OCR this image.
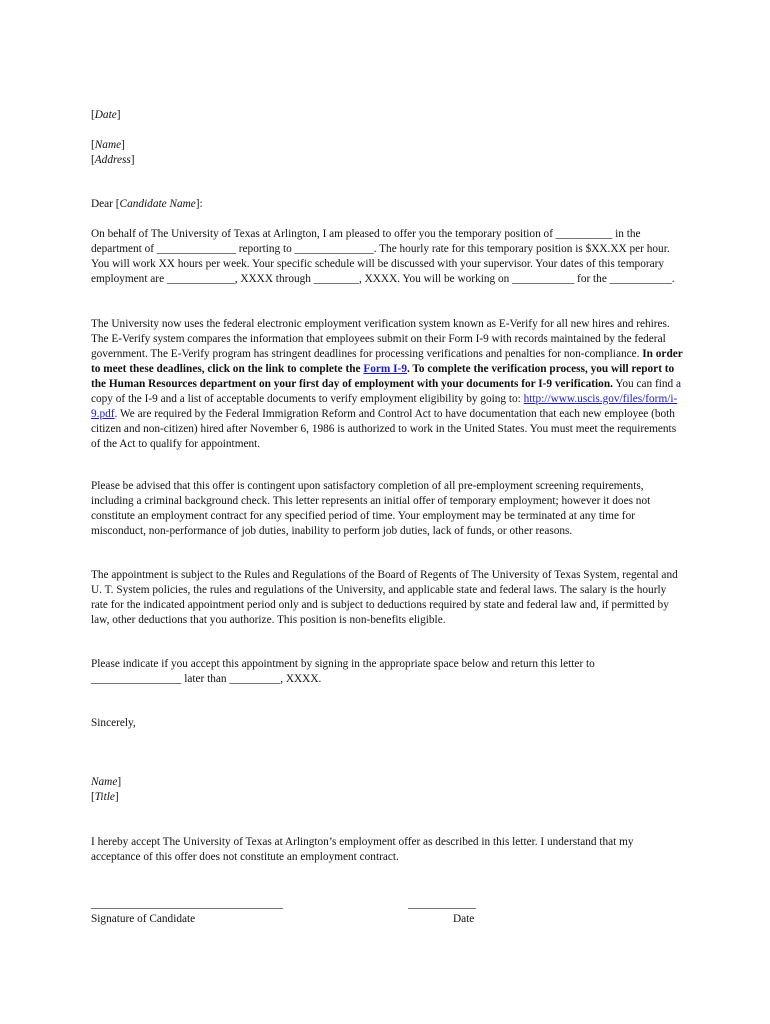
[Date]
[Name]
[Address]
Dear [Candidate Name]:

On behalf of The University of Texas at Arlington, I am pleased to offer you the temporary position of __________ in the department of ______________ reporting to ______________. The hourly rate for this temporary position is $XX.XX per hour. You will work XX hours per week. Your specific schedule will be discussed with your supervisor. Your dates of this temporary employment are ____________, XXXX through ________, XXXX. You will be working on ___________ for the ___________.

The University now uses the federal electronic employment verification system known as E-Verify for all new hires and rehires. The E-Verify system compares the information that employees submit on their Form I-9 with records maintained by the federal government. The E-Verify program has stringent deadlines for processing verifications and penalties for non-compliance. In order to meet these deadlines, click on the link to complete the Form I-9. To complete the verification process, you will report to the Human Resources department on your first day of employment with your documents for I-9 verification. You can find a copy of the I-9 and a list of acceptable documents to verify employment eligibility by going to: http://www.uscis.gov/files/form/i-9.pdf. We are required by the Federal Immigration Reform and Control Act to have documentation that each new employee (both citizen and non-citizen) hired after November 6, 1986 is authorized to work in the United States. You must meet the requirements of the Act to qualify for appointment.

Please be advised that this offer is contingent upon satisfactory completion of all pre-employment screening requirements, including a criminal background check. This letter represents an initial offer of temporary employment; however it does not constitute an employment contract for any specified period of time. Your employment may be terminated at any time for misconduct, non-performance of job duties, inability to perform job duties, lack of funds, or other reasons.

The appointment is subject to the Rules and Regulations of the Board of Regents of The University of Texas System, regental and U. T. System policies, the rules and regulations of the University, and applicable state and federal laws. The salary is the hourly rate for the indicated appointment period only and is subject to deductions required by state and federal law and, if permitted by law, other deductions that you authorize. This position is non-benefits eligible.

Please indicate if you accept this appointment by signing in the appropriate space below and return this letter to ________________ later than _________, XXXX.

Sincerely,
Name]
[Title]

I hereby accept The University of Texas at Arlington’s employment offer as described in this letter. I understand that my acceptance of this offer does not constitute an employment contract.

__________________________________
Signature of Candidate
____________
Date
